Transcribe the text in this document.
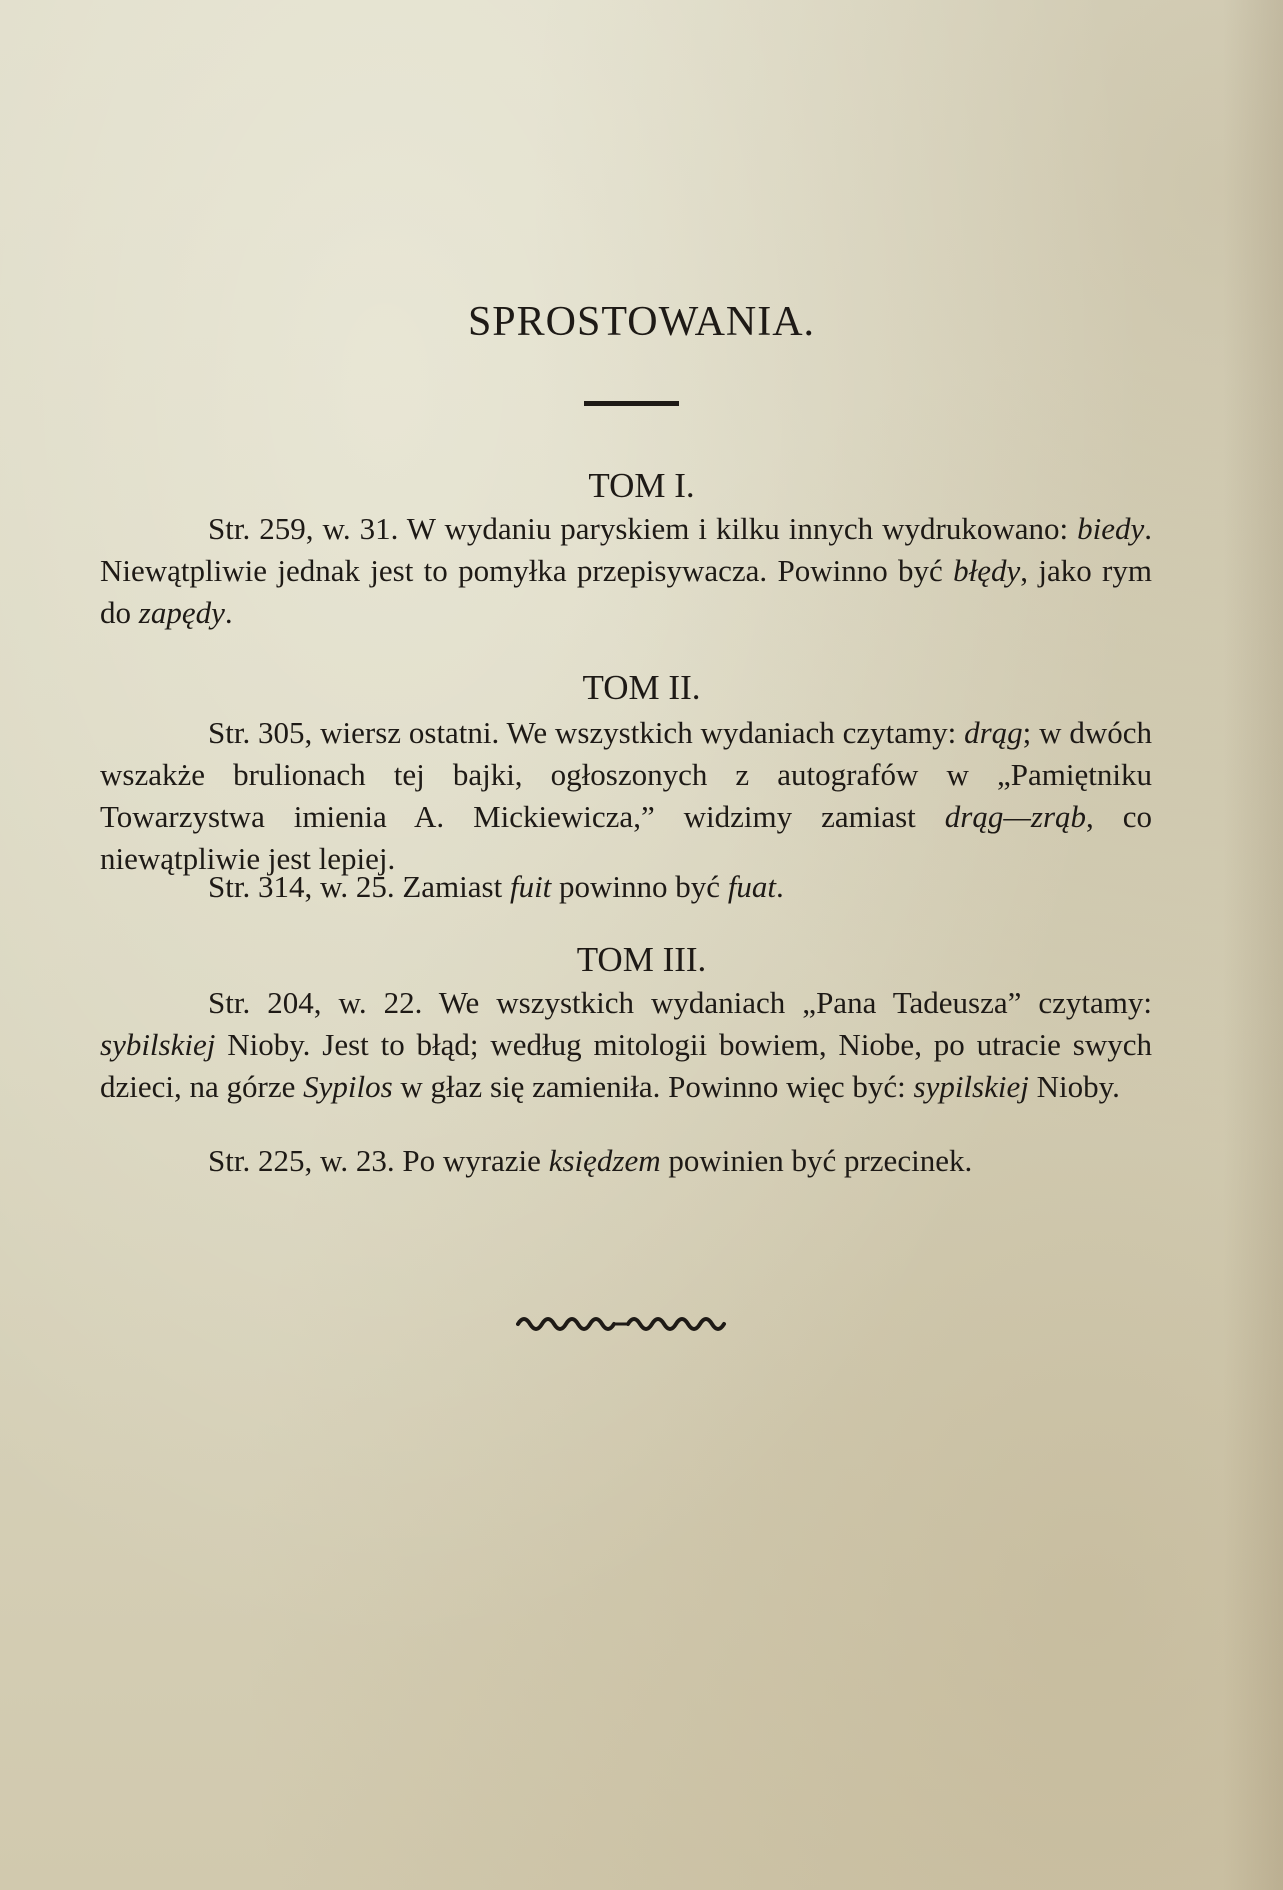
SPROSTOWANIA.
TOM I.

Str. 259, w. 31. W wydaniu paryskiem i kilku innych wydrukowano: biedy. Niewątpliwie jednak jest to pomyłka przepisywacza. Powinno być błędy, jako rym do zapędy.

TOM II.

Str. 305, wiersz ostatni. We wszystkich wydaniach czytamy: drąg; w dwóch wszakże brulionach tej bajki, ogłoszonych z autografów w „Pamiętniku Towarzystwa imienia A. Mickiewicza,” widzimy zamiast drąg—zrąb, co niewątpliwie jest lepiej.

Str. 314, w. 25. Zamiast fuit powinno być fuat.

TOM III.

Str. 204, w. 22. We wszystkich wydaniach „Pana Tadeusza” czytamy: sybilskiej Nioby. Jest to błąd; według mitologii bowiem, Niobe, po utracie swych dzieci, na górze Sypilos w głaz się zamieniła. Powinno więc być: sypilskiej Nioby.

Str. 225, w. 23. Po wyrazie księdzem powinien być przecinek.
